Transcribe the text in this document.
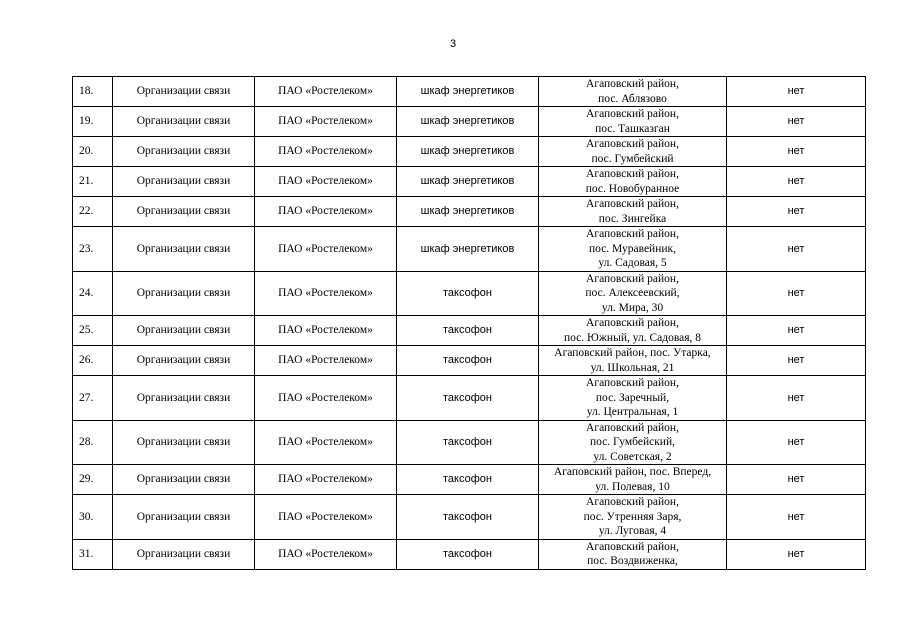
3
18.	Организации связи	ПАО «Ростелеком»	шкаф энергетиков	Агаповский район,
пос. Аблязово	нет
19.	Организации связи	ПАО «Ростелеком»	шкаф энергетиков	Агаповский район,
пос. Ташказган	нет
20.	Организации связи	ПАО «Ростелеком»	шкаф энергетиков	Агаповский район,
пос. Гумбейский	нет
21.	Организации связи	ПАО «Ростелеком»	шкаф энергетиков	Агаповский район,
пос. Новобуранное	нет
22.	Организации связи	ПАО «Ростелеком»	шкаф энергетиков	Агаповский район,
пос. Зингейка	нет
23.	Организации связи	ПАО «Ростелеком»	шкаф энергетиков	Агаповский район,
пос. Муравейник,
ул. Садовая, 5	нет
24.	Организации связи	ПАО «Ростелеком»	таксофон	Агаповский район,
пос. Алексеевский,
ул. Мира, 30	нет
25.	Организации связи	ПАО «Ростелеком»	таксофон	Агаповский район,
пос. Южный, ул. Садовая, 8	нет
26.	Организации связи	ПАО «Ростелеком»	таксофон	Агаповский район, пос. Утарка,
ул. Школьная, 21	нет
27.	Организации связи	ПАО «Ростелеком»	таксофон	Агаповский район,
пос. Заречный,
ул. Центральная, 1	нет
28.	Организации связи	ПАО «Ростелеком»	таксофон	Агаповский район,
пос. Гумбейский,
ул. Советская, 2	нет
29.	Организации связи	ПАО «Ростелеком»	таксофон	Агаповский район, пос. Вперед,
ул. Полевая, 10	нет
30.	Организации связи	ПАО «Ростелеком»	таксофон	Агаповский район,
пос. Утренняя Заря,
ул. Луговая, 4	нет
31.	Организации связи	ПАО «Ростелеком»	таксофон	Агаповский район,
пос. Воздвиженка,	нет
